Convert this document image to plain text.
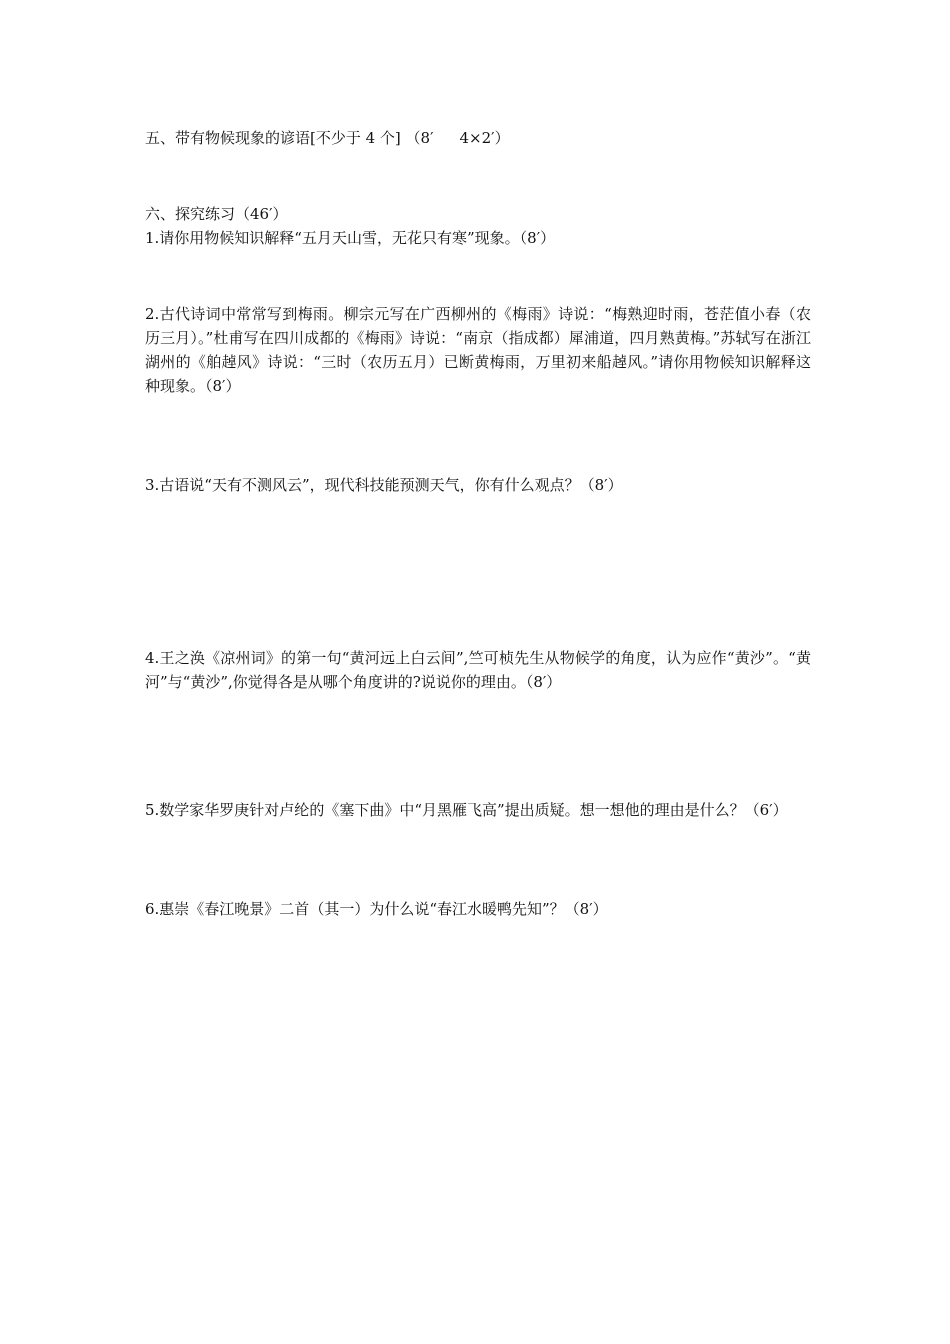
五、带有物候现象的谚语[不少于 4 个] （8′ 4×2′）
六、探究练习（46′）
1.请你用物候知识解释“五月天山雪，无花只有寒”现象。（8′）
2.古代诗词中常常写到梅雨。柳宗元写在广西柳州的《梅雨》诗说：“梅熟迎时雨，苍茫值小春（农历三月）。”杜甫写在四川成都的《梅雨》诗说：“南京（指成都）犀浦道，四月熟黄梅。”苏轼写在浙江湖州的《舶趠风》诗说：“三时（农历五月）已断黄梅雨，万里初来船趠风。”请你用物候知识解释这种现象。（8′）
3.古语说“天有不测风云”，现代科技能预测天气，你有什么观点？（8′）
4.王之涣《凉州词》的第一句“黄河远上白云间”,竺可桢先生从物候学的角度，认为应作“黄沙”。“黄河”与“黄沙”,你觉得各是从哪个角度讲的?说说你的理由。（8′）
5.数学家华罗庚针对卢纶的《塞下曲》中“月黑雁飞高”提出质疑。想一想他的理由是什么？（6′）
6.惠崇《春江晚景》二首（其一）为什么说“春江水暖鸭先知”？（8′）
